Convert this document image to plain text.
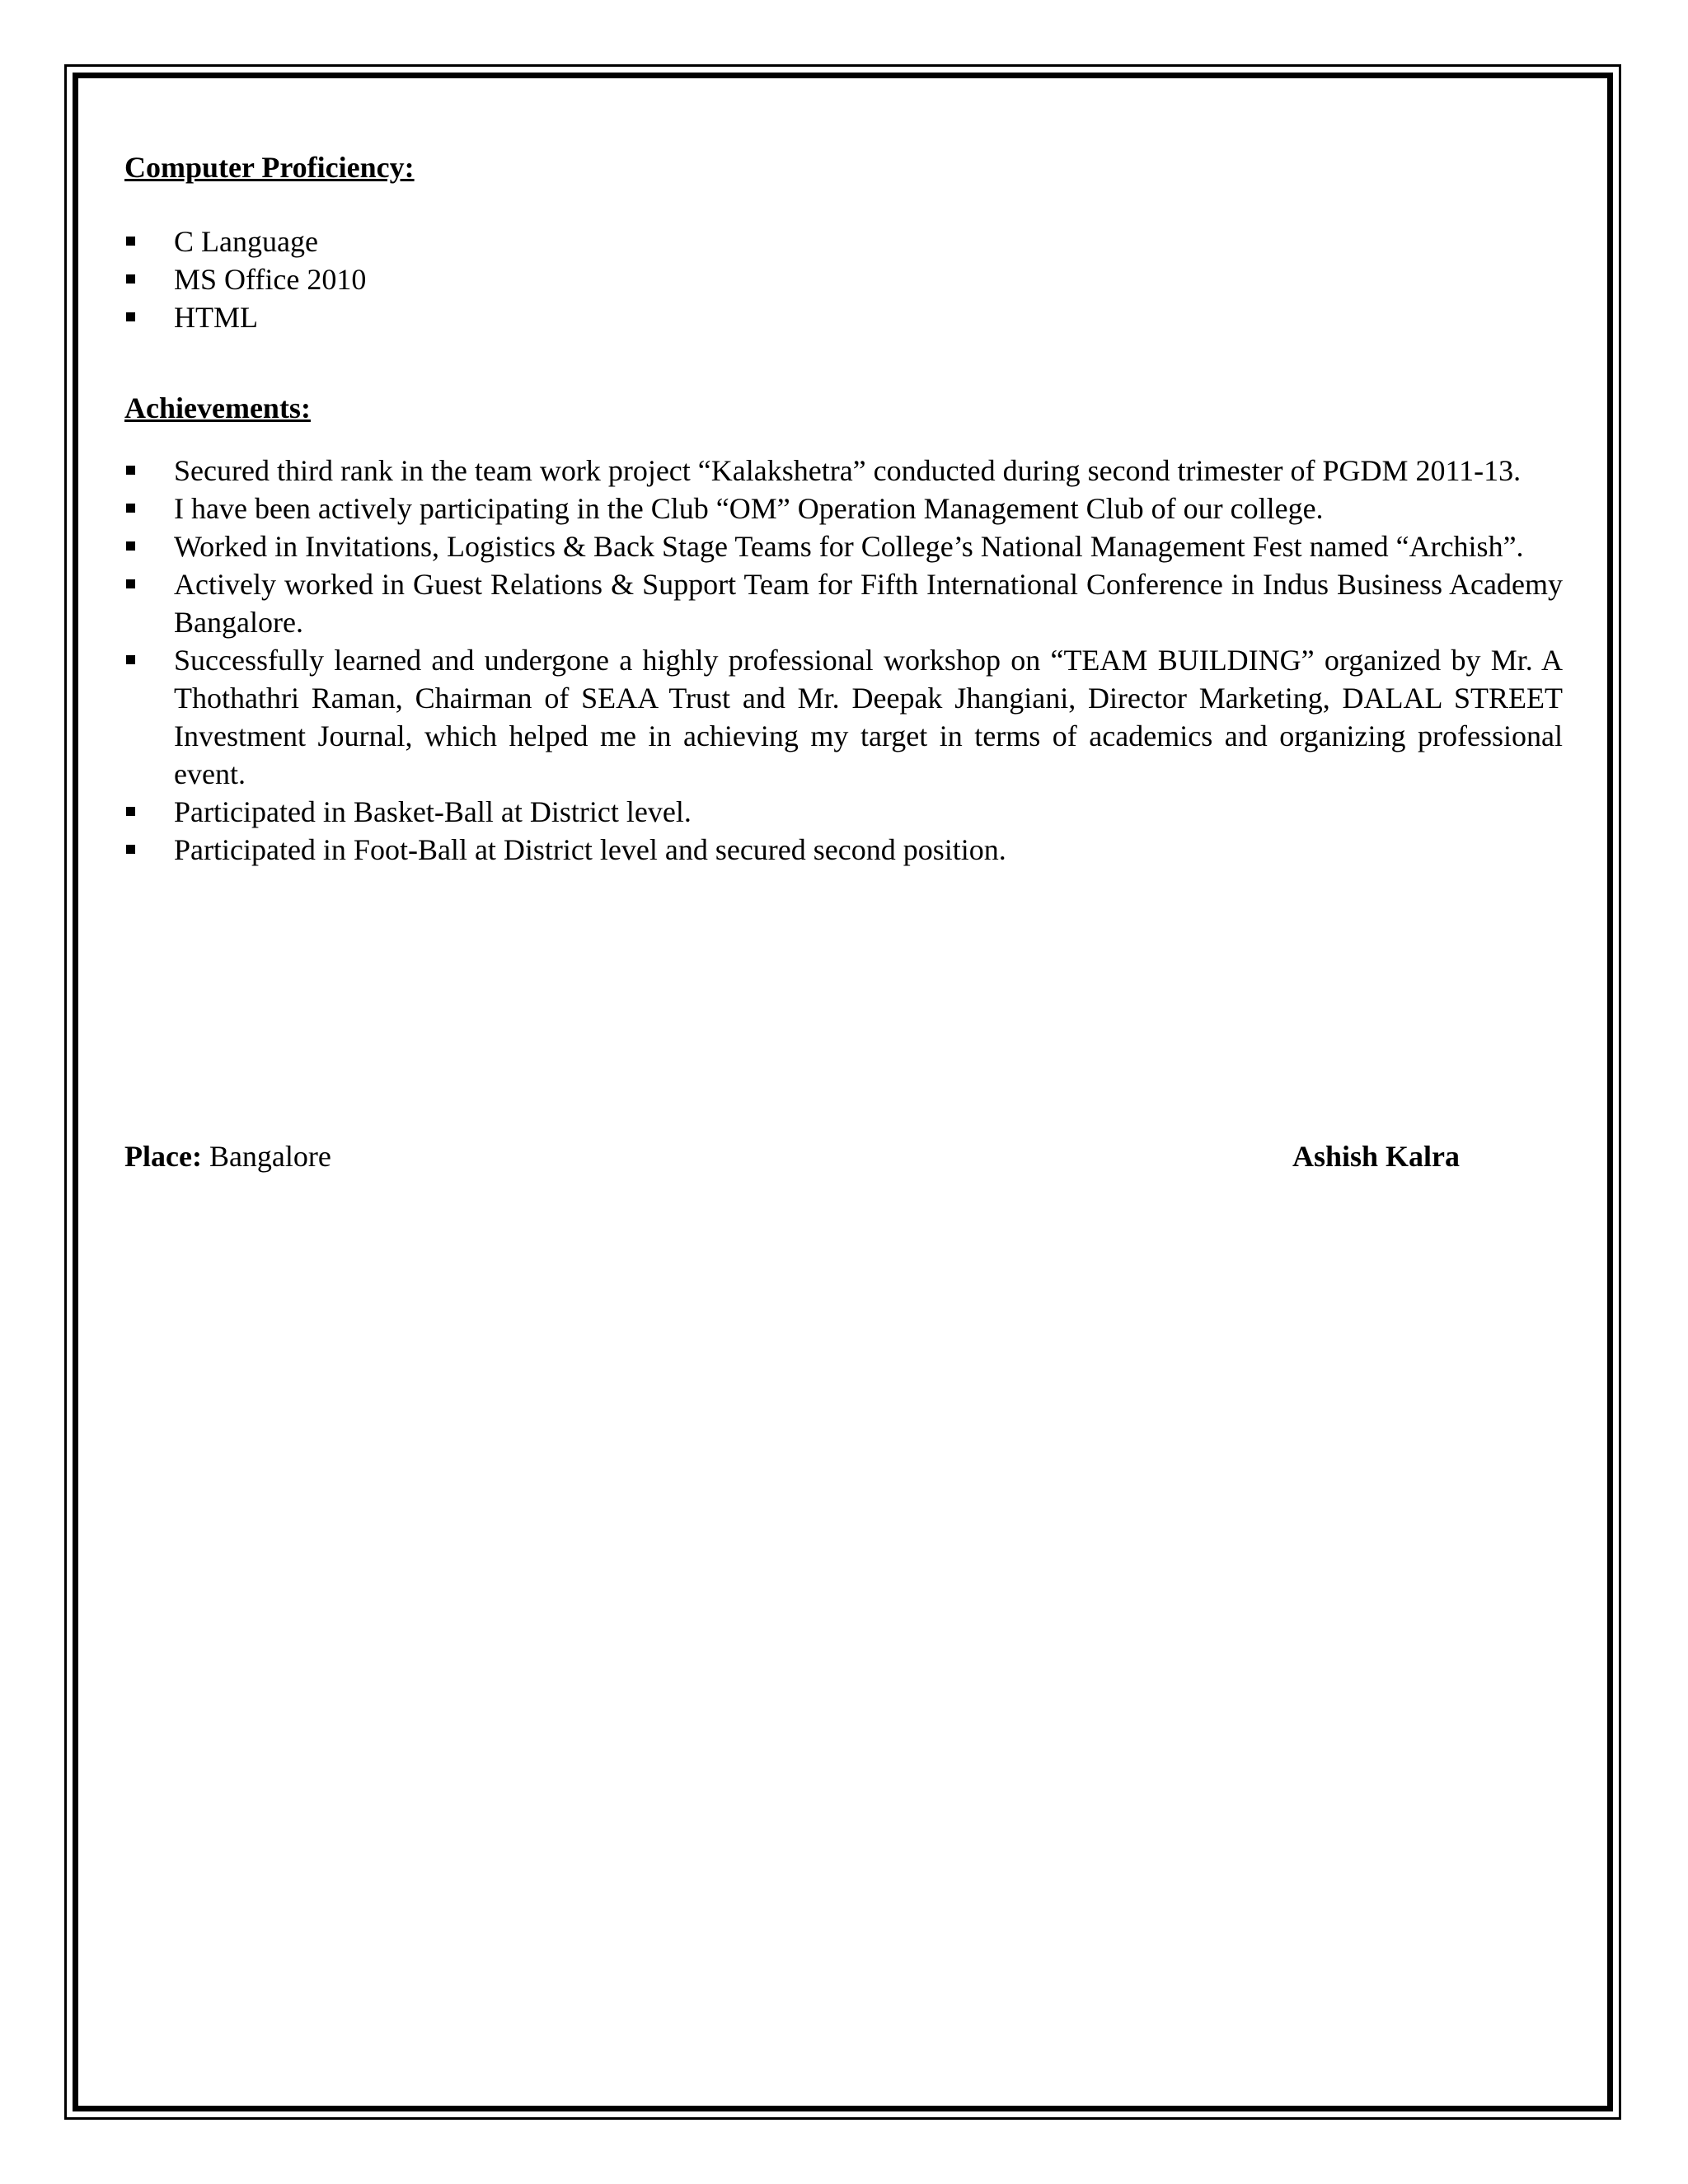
Computer Proficiency:
C Language
MS Office 2010
HTML
Achievements:
Secured third rank in the team work project “Kalakshetra” conducted during second trimester of PGDM 2011-13.
I have been actively participating in the Club “OM” Operation Management Club of our college.
Worked in Invitations, Logistics & Back Stage Teams for College’s National Management Fest named “Archish”.
Actively worked in Guest Relations & Support Team for Fifth International Conference in Indus Business Academy Bangalore.
Successfully learned and undergone a highly professional workshop on “TEAM BUILDING” organized by Mr. A Thothathri Raman, Chairman of SEAA Trust and Mr. Deepak Jhangiani, Director Marketing, DALAL STREET Investment Journal, which helped me in achieving my target in terms of academics and organizing professional event.
Participated in Basket-Ball at District level.
Participated in Foot-Ball at District level and secured second position.
Place: Bangalore	Ashish Kalra
